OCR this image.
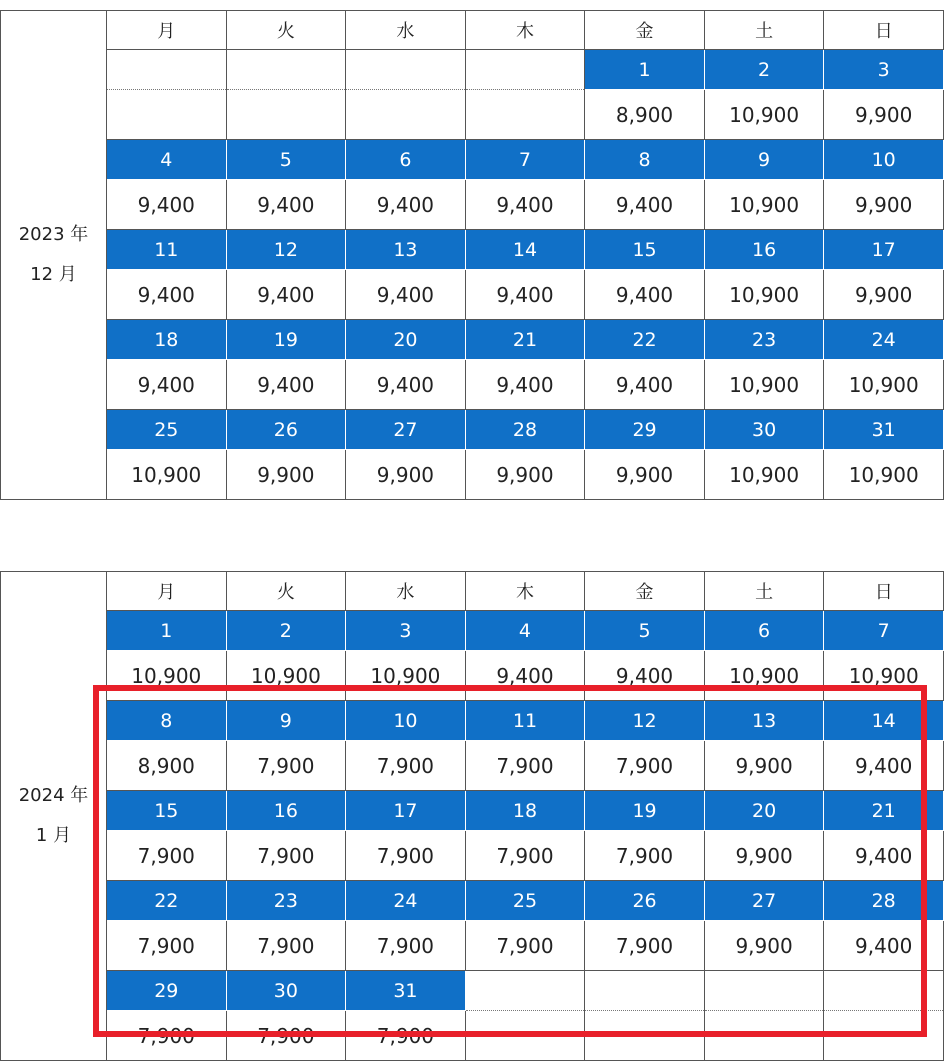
2023 年
12 月	月	火	水	木	金	土	日
					1	2	3
					8,900	10,900	9,900
	4	5	6	7	8	9	10
	9,400	9,400	9,400	9,400	9,400	10,900	9,900
	11	12	13	14	15	16	17
	9,400	9,400	9,400	9,400	9,400	10,900	9,900
	18	19	20	21	22	23	24
	9,400	9,400	9,400	9,400	9,400	10,900	10,900
	25	26	27	28	29	30	31
	10,900	9,900	9,900	9,900	9,900	10,900	10,900
2024 年
1 月	月	火	水	木	金	土	日
	1	2	3	4	5	6	7
	10,900	10,900	10,900	9,400	9,400	10,900	10,900
	8	9	10	11	12	13	14
	8,900	7,900	7,900	7,900	7,900	9,900	9,400
	15	16	17	18	19	20	21
	7,900	7,900	7,900	7,900	7,900	9,900	9,400
	22	23	24	25	26	27	28
	7,900	7,900	7,900	7,900	7,900	9,900	9,400
	29	30	31				
	7,900	7,900	7,900				
